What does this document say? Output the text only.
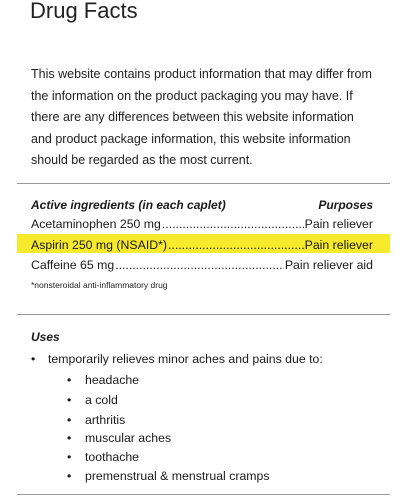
Drug Facts

This website contains product information that may differ from the information on the product packaging you may have. If there are any differences between this website information and product package information, this website information should be regarded as the most current.

Active ingredients (in each caplet)	Purposes
Acetaminophen 250 mg .....	Pain reliever
Aspirin 250 mg (NSAID*) .....	Pain reliever
Caffeine 65 mg .....	Pain reliever aid
*nonsteroidal anti-inflammatory drug
Uses
• temporarily relieves minor aches and pains due to:
• headache
• a cold
• arthritis
• muscular aches
• toothache
• premenstrual & menstrual cramps
